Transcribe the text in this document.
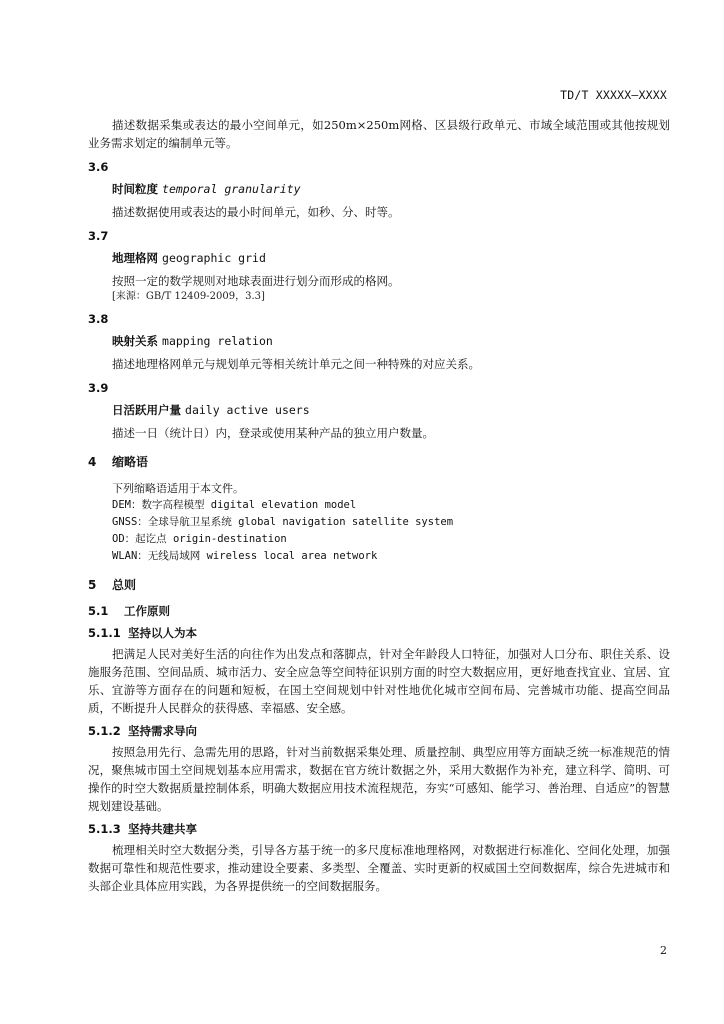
TD/T XXXXX—XXXX

描述数据采集或表达的最小空间单元，如250m×250m网格、区县级行政单元、市域全域范围或其他按规划业务需求划定的编制单元等。

3.6
时间粒度 temporal granularity

描述数据使用或表达的最小时间单元，如秒、分、时等。

3.7
地理格网 geographic grid

按照一定的数学规则对地球表面进行划分而形成的格网。

[来源：GB/T 12409-2009，3.3]

3.8
映射关系 mapping relation

描述地理格网单元与规划单元等相关统计单元之间一种特殊的对应关系。

3.9
日活跃用户量 daily active users

描述一日（统计日）内，登录或使用某种产品的独立用户数量。

4 缩略语

下列缩略语适用于本文件。

DEM：数字高程模型 digital elevation model

GNSS：全球导航卫星系统 global navigation satellite system

OD：起讫点 origin-destination

WLAN：无线局域网 wireless local area network

5 总则
5.1 工作原则
5.1.1 坚持以人为本

把满足人民对美好生活的向往作为出发点和落脚点，针对全年龄段人口特征，加强对人口分布、职住关系、设施服务范围、空间品质、城市活力、安全应急等空间特征识别方面的时空大数据应用，更好地查找宜业、宜居、宜乐、宜游等方面存在的问题和短板，在国土空间规划中针对性地优化城市空间布局、完善城市功能、提高空间品质，不断提升人民群众的获得感、幸福感、安全感。

5.1.2 坚持需求导向

按照急用先行、急需先用的思路，针对当前数据采集处理、质量控制、典型应用等方面缺乏统一标准规范的情况，聚焦城市国土空间规划基本应用需求，数据在官方统计数据之外，采用大数据作为补充，建立科学、简明、可操作的时空大数据质量控制体系，明确大数据应用技术流程规范，夯实“可感知、能学习、善治理、自适应”的智慧规划建设基础。

5.1.3 坚持共建共享

梳理相关时空大数据分类，引导各方基于统一的多尺度标准地理格网，对数据进行标准化、空间化处理，加强数据可靠性和规范性要求，推动建设全要素、多类型、全覆盖、实时更新的权威国土空间数据库，综合先进城市和头部企业具体应用实践，为各界提供统一的空间数据服务。

2
